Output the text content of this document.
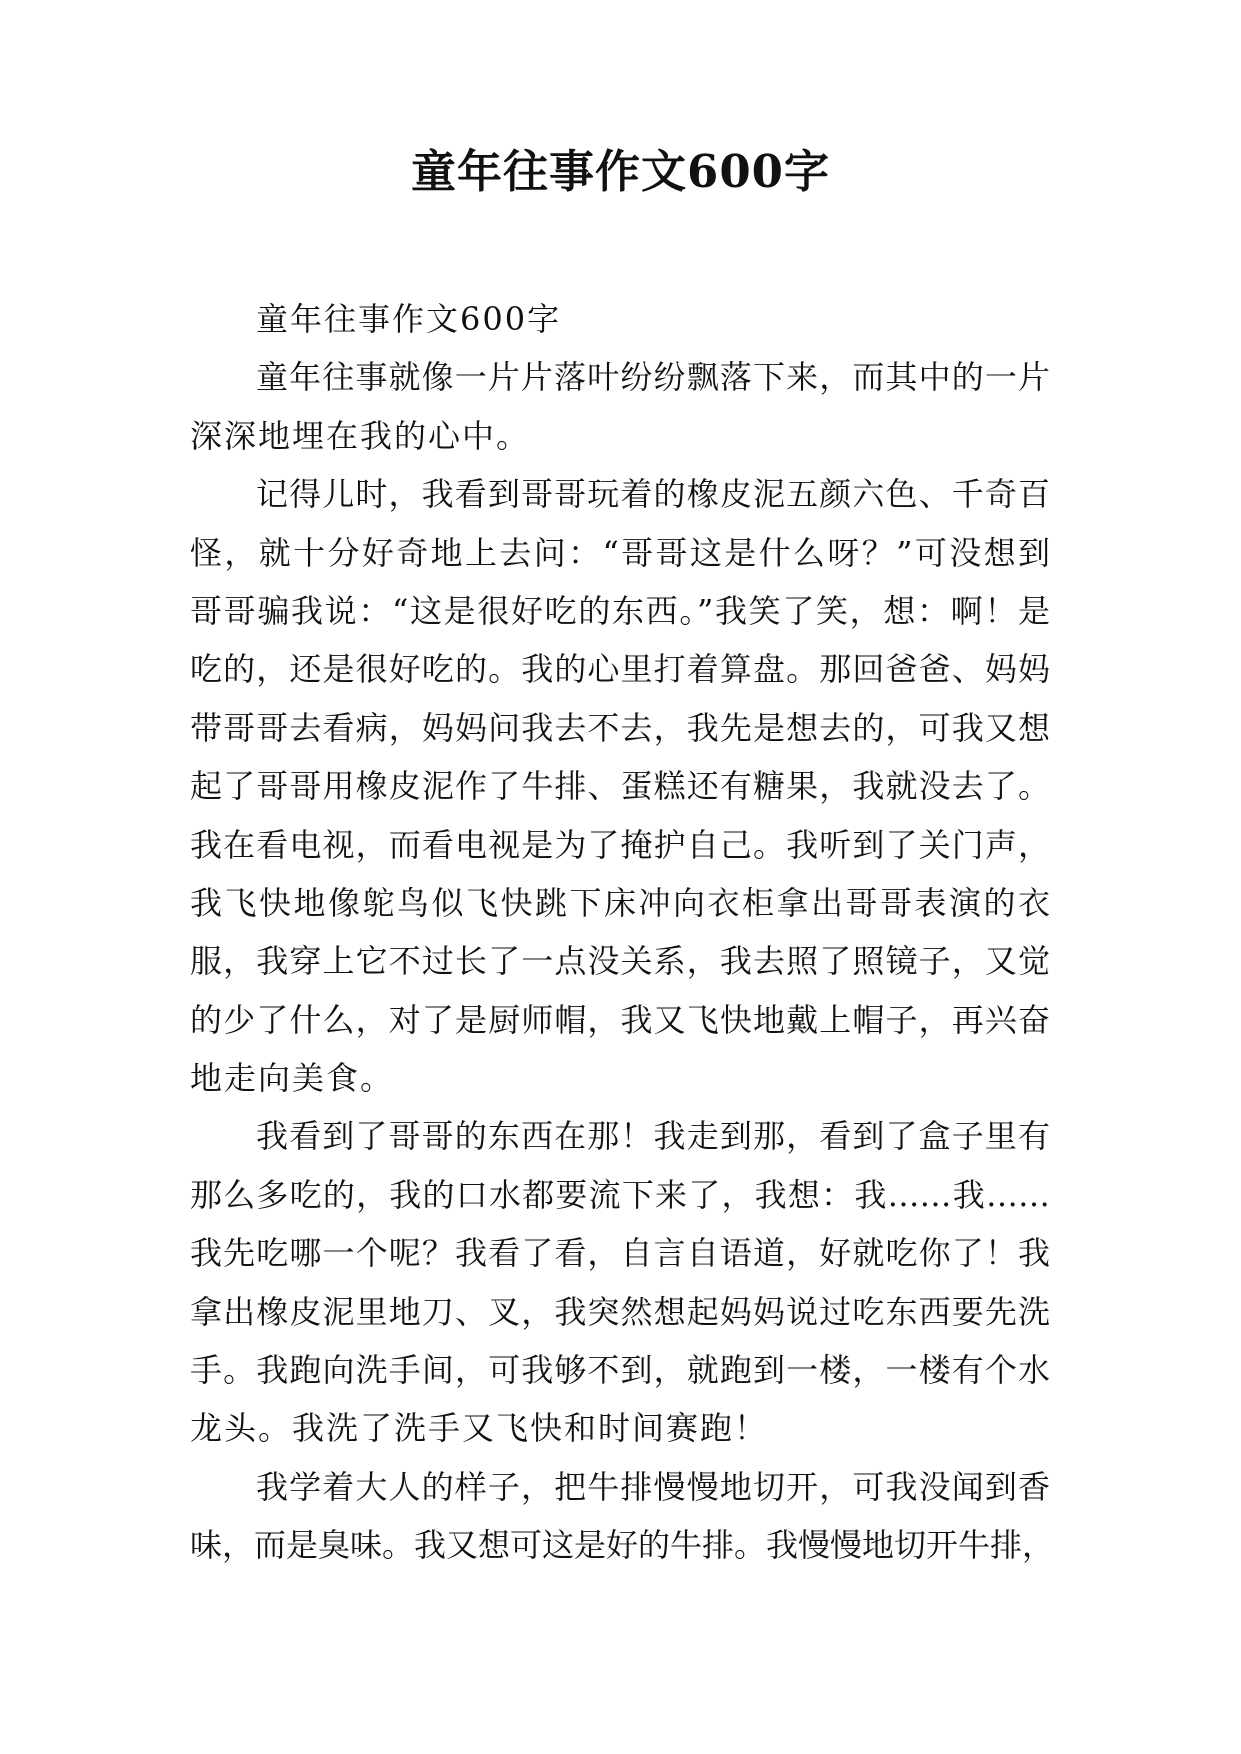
童年往事作文600字
童年往事作文600字
童年往事就像一片片落叶纷纷飘落下来，而其中的一片
深深地埋在我的心中。
记得儿时，我看到哥哥玩着的橡皮泥五颜六色、千奇百
怪，就十分好奇地上去问：“哥哥这是什么呀？”可没想到
哥哥骗我说：“这是很好吃的东西。”我笑了笑，想：啊！是
吃的，还是很好吃的。我的心里打着算盘。那回爸爸、妈妈
带哥哥去看病，妈妈问我去不去，我先是想去的，可我又想
起了哥哥用橡皮泥作了牛排、蛋糕还有糖果，我就没去了。
我在看电视，而看电视是为了掩护自己。我听到了关门声，
我飞快地像鸵鸟似飞快跳下床冲向衣柜拿出哥哥表演的衣
服，我穿上它不过长了一点没关系，我去照了照镜子，又觉
的少了什么，对了是厨师帽，我又飞快地戴上帽子，再兴奋
地走向美食。
我看到了哥哥的东西在那！我走到那，看到了盒子里有
那么多吃的，我的口水都要流下来了，我想：我……我……
我先吃哪一个呢？我看了看，自言自语道，好就吃你了！我
拿出橡皮泥里地刀、叉，我突然想起妈妈说过吃东西要先洗
手。我跑向洗手间，可我够不到，就跑到一楼，一楼有个水
龙头。我洗了洗手又飞快和时间赛跑！
我学着大人的样子，把牛排慢慢地切开，可我没闻到香
味，而是臭味。我又想可这是好的牛排。我慢慢地切开牛排，
